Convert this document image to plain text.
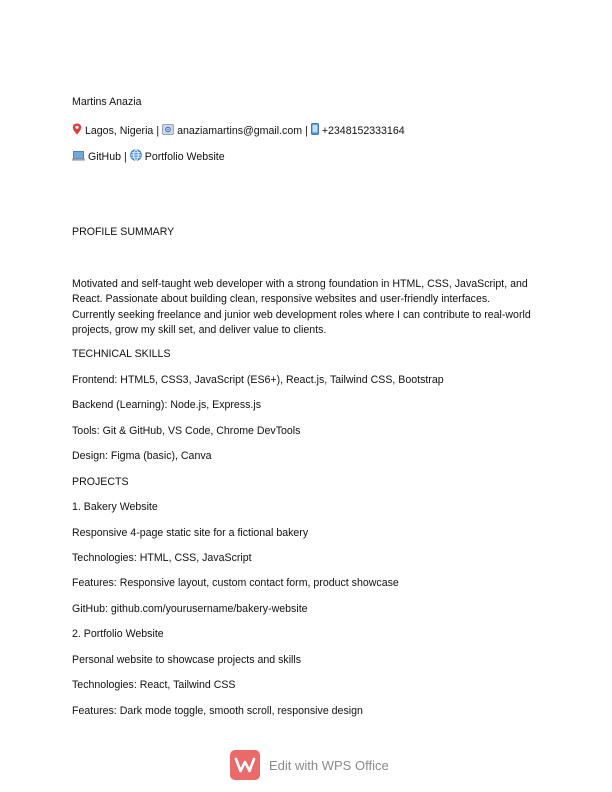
Martins Anazia
Lagos, Nigeria | anaziamartins@gmail.com | +2348152333164
GitHub | Portfolio Website
PROFILE SUMMARY
Motivated and self-taught web developer with a strong foundation in HTML, CSS, JavaScript, and React. Passionate about building clean, responsive websites and user-friendly interfaces. Currently seeking freelance and junior web development roles where I can contribute to real-world projects, grow my skill set, and deliver value to clients.
TECHNICAL SKILLS
Frontend: HTML5, CSS3, JavaScript (ES6+), React.js, Tailwind CSS, Bootstrap
Backend (Learning): Node.js, Express.js
Tools: Git & GitHub, VS Code, Chrome DevTools
Design: Figma (basic), Canva
PROJECTS
1. Bakery Website
Responsive 4-page static site for a fictional bakery
Technologies: HTML, CSS, JavaScript
Features: Responsive layout, custom contact form, product showcase
GitHub: github.com/yourusername/bakery-website
2. Portfolio Website
Personal website to showcase projects and skills
Technologies: React, Tailwind CSS
Features: Dark mode toggle, smooth scroll, responsive design
Edit with WPS Office
